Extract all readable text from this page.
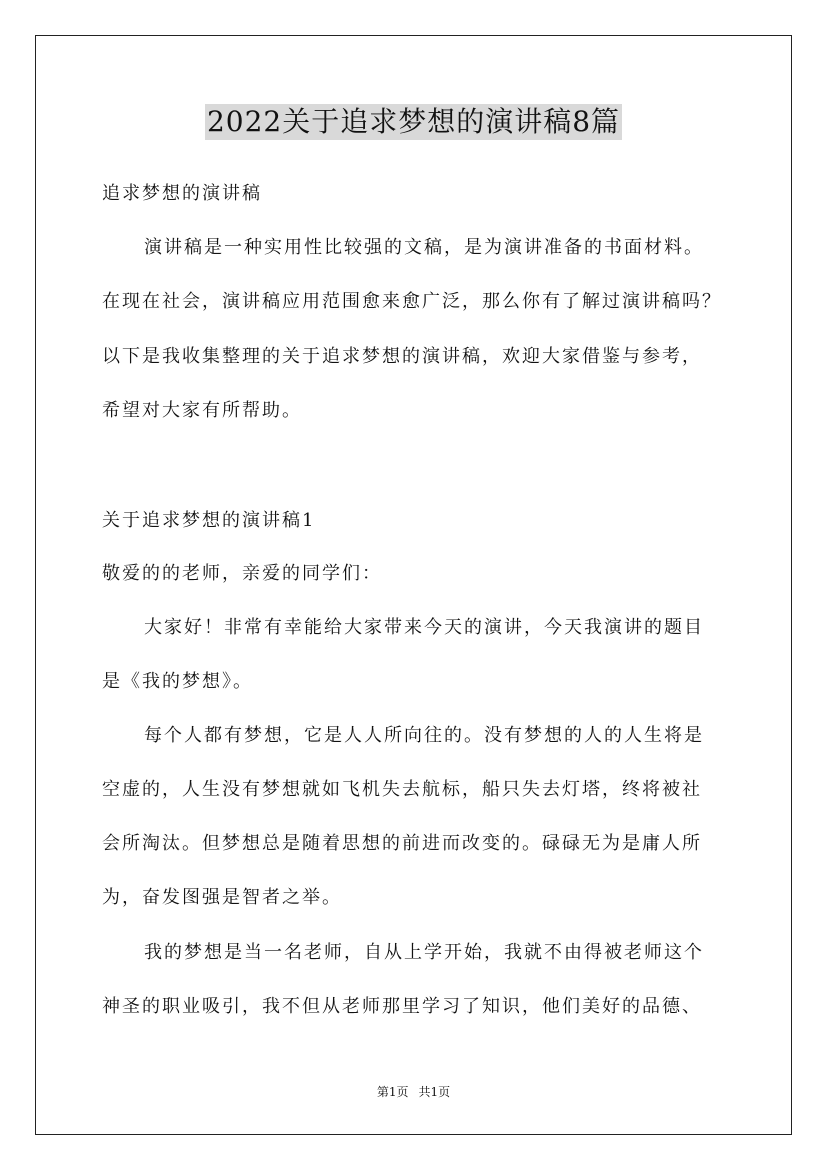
2022关于追求梦想的演讲稿8篇
追求梦想的演讲稿
演讲稿是一种实用性比较强的文稿，是为演讲准备的书面材料。
在现在社会，演讲稿应用范围愈来愈广泛，那么你有了解过演讲稿吗？
以下是我收集整理的关于追求梦想的演讲稿，欢迎大家借鉴与参考，
希望对大家有所帮助。
关于追求梦想的演讲稿1
敬爱的的老师，亲爱的同学们：
大家好！非常有幸能给大家带来今天的演讲，今天我演讲的题目
是《我的梦想》。
每个人都有梦想，它是人人所向往的。没有梦想的人的人生将是
空虚的，人生没有梦想就如飞机失去航标，船只失去灯塔，终将被社
会所淘汰。但梦想总是随着思想的前进而改变的。碌碌无为是庸人所
为，奋发图强是智者之举。
我的梦想是当一名老师，自从上学开始，我就不由得被老师这个
神圣的职业吸引，我不但从老师那里学习了知识，他们美好的品德、
第1页 共1页
